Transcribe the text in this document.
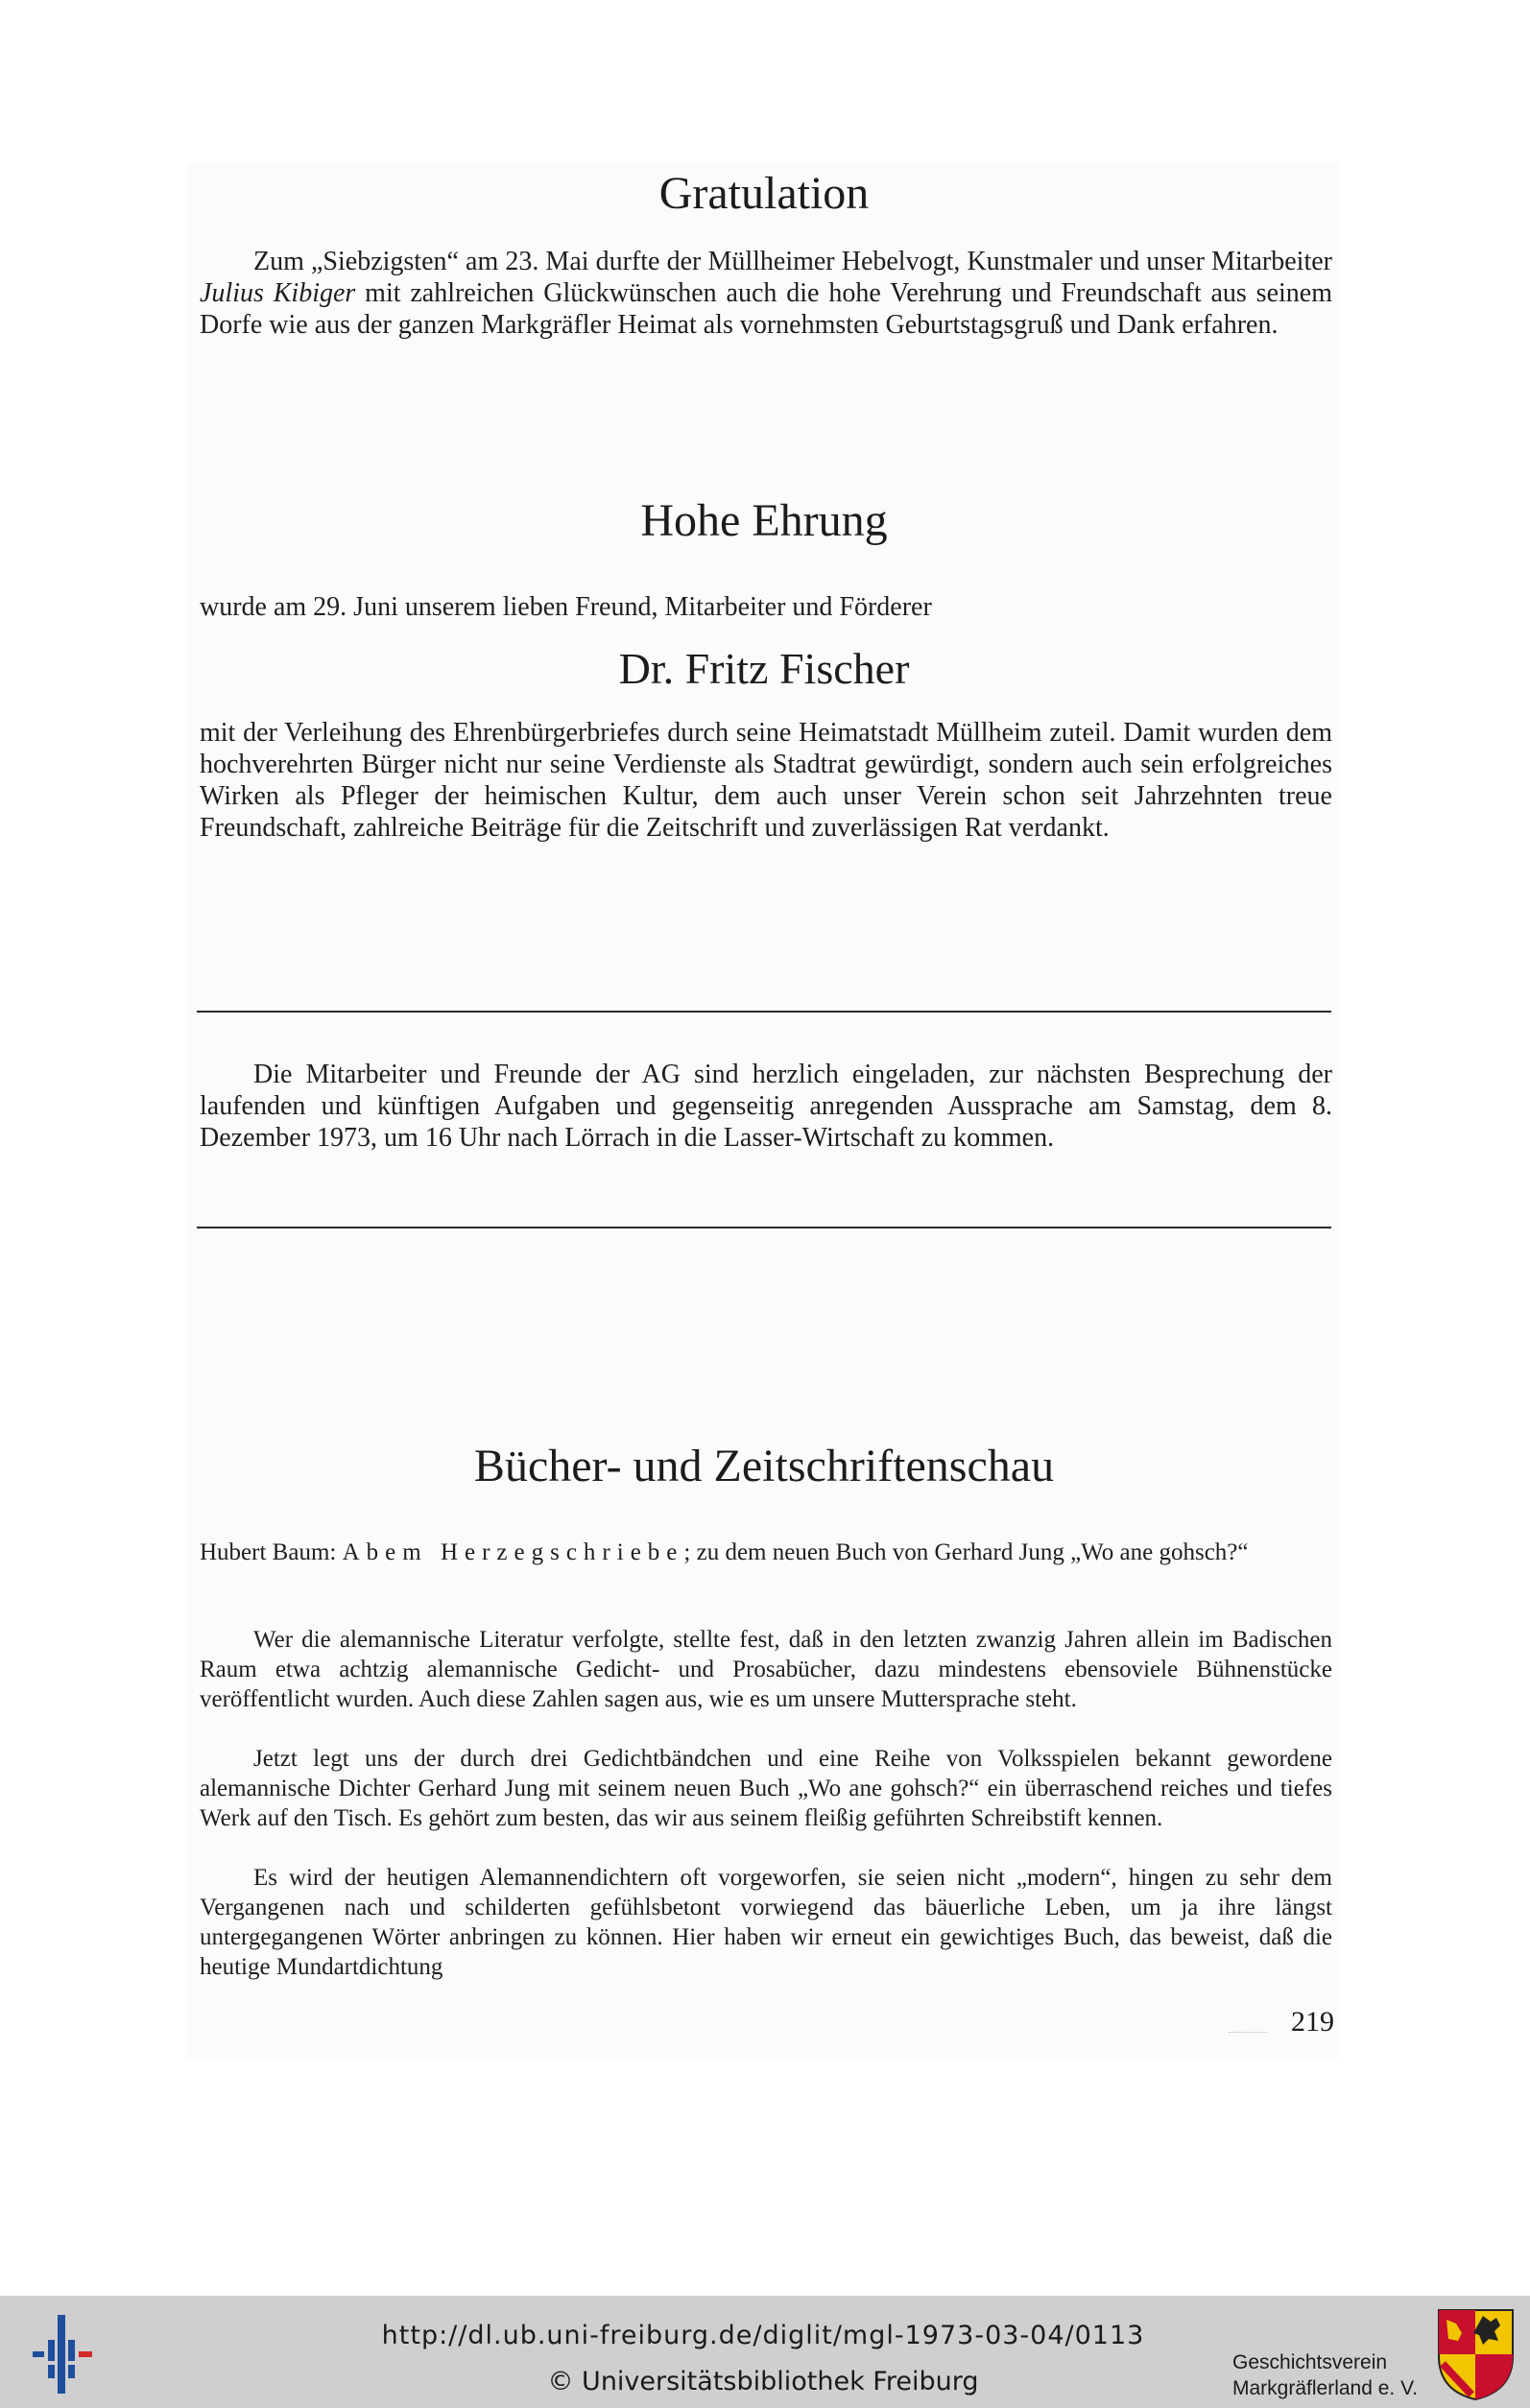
Gratulation

Zum „Siebzigsten“ am 23. Mai durfte der Müllheimer Hebelvogt, Kunstmaler und unser Mitarbeiter Julius Kibiger mit zahlreichen Glückwünschen auch die hohe Verehrung und Freundschaft aus seinem Dorfe wie aus der ganzen Markgräfler Heimat als vornehmsten Geburtstagsgruß und Dank erfahren.

Hohe Ehrung

wurde am 29. Juni unserem lieben Freund, Mitarbeiter und Förderer

Dr. Fritz Fischer

mit der Verleihung des Ehrenbürgerbriefes durch seine Heimatstadt Müllheim zuteil. Damit wurden dem hochverehrten Bürger nicht nur seine Verdienste als Stadtrat gewürdigt, sondern auch sein erfolgreiches Wirken als Pfleger der heimischen Kultur, dem auch unser Verein schon seit Jahrzehnten treue Freundschaft, zahlreiche Beiträge für die Zeitschrift und zuverlässigen Rat verdankt.

Die Mitarbeiter und Freunde der AG sind herzlich eingeladen, zur nächsten Besprechung der laufenden und künftigen Aufgaben und gegenseitig anregenden Aussprache am Samstag, dem 8. Dezember 1973, um 16 Uhr nach Lörrach in die Lasser-Wirtschaft zu kommen.

Bücher- und Zeitschriftenschau

Hubert Baum: Abem Herzegschriebe; zu dem neuen Buch von Gerhard Jung „Wo ane gohsch?“

Wer die alemannische Literatur verfolgte, stellte fest, daß in den letzten zwanzig Jahren allein im Badischen Raum etwa achtzig alemannische Gedicht- und Prosabücher, dazu mindestens ebensoviele Bühnenstücke veröffentlicht wurden. Auch diese Zahlen sagen aus, wie es um unsere Muttersprache steht.

Jetzt legt uns der durch drei Gedichtbändchen und eine Reihe von Volksspielen bekannt gewordene alemannische Dichter Gerhard Jung mit seinem neuen Buch „Wo ane gohsch?“ ein überraschend reiches und tiefes Werk auf den Tisch. Es gehört zum besten, das wir aus seinem fleißig geführten Schreibstift kennen.

Es wird der heutigen Alemannendichtern oft vorgeworfen, sie seien nicht „modern“, hingen zu sehr dem Vergangenen nach und schilderten gefühlsbetont vorwiegend das bäuerliche Leben, um ja ihre längst untergegangenen Wörter anbringen zu können. Hier haben wir erneut ein gewichtiges Buch, das beweist, daß die heutige Mundartdichtung

219
http://dl.ub.uni-freiburg.de/diglit/mgl-1973-03-04/0113
© Universitätsbibliothek Freiburg
Geschichtsverein
Markgräflerland e. V.
